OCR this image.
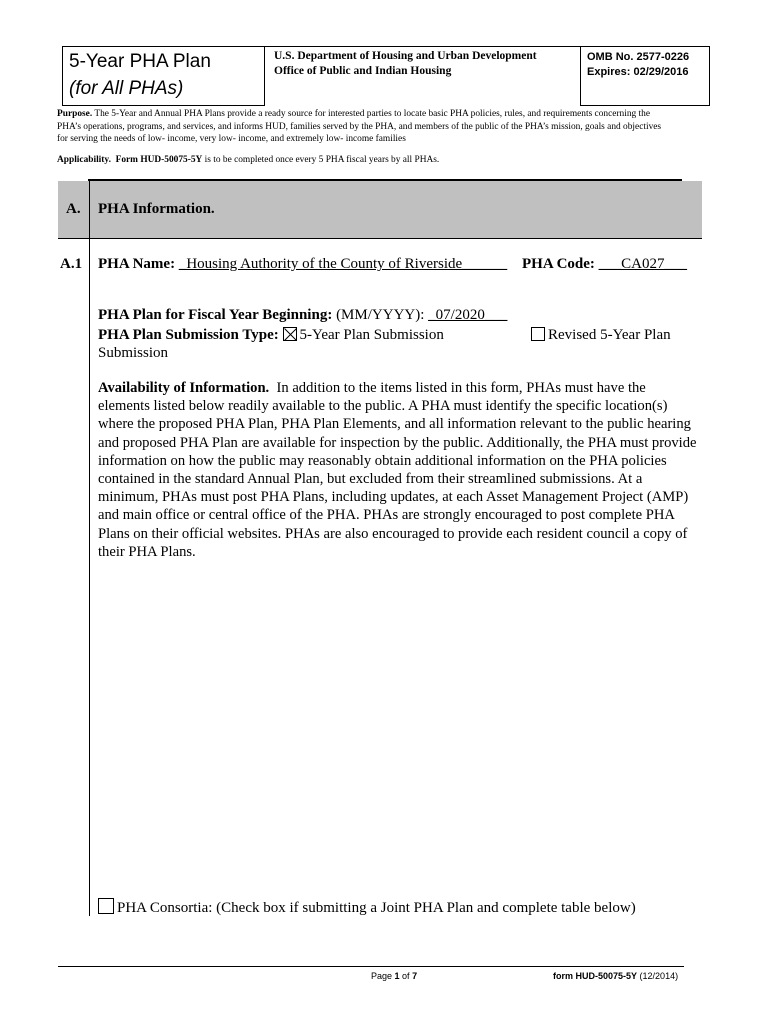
5-Year PHA Plan
(for All PHAs)
U.S. Department of Housing and Urban Development
Office of Public and Indian Housing
OMB No. 2577-0226
Expires: 02/29/2016
Purpose. The 5-Year and Annual PHA Plans provide a ready source for interested parties to locate basic PHA policies, rules, and requirements concerning the PHA’s operations, programs, and services, and informs HUD, families served by the PHA, and members of the public of the PHA’s mission, goals and objectives for serving the needs of low- income, very low- income, and extremely low- income families
Applicability. Form HUD-50075-5Y is to be completed once every 5 PHA fiscal years by all PHAs.
A. PHA Information.
A.1 PHA Name: _Housing Authority of the County of Riverside______ PHA Code: ___CA027___
PHA Plan for Fiscal Year Beginning: (MM/YYYY): _07/2020___
PHA Plan Submission Type: 5-Year Plan Submission	Revised 5-Year Plan
Submission
Availability of Information. In addition to the items listed in this form, PHAs must have the elements listed below readily available to the public. A PHA must identify the specific location(s) where the proposed PHA Plan, PHA Plan Elements, and all information relevant to the public hearing and proposed PHA Plan are available for inspection by the public. Additionally, the PHA must provide information on how the public may reasonably obtain additional information on the PHA policies contained in the standard Annual Plan, but excluded from their streamlined submissions. At a minimum, PHAs must post PHA Plans, including updates, at each Asset Management Project (AMP) and main office or central office of the PHA. PHAs are strongly encouraged to post complete PHA Plans on their official websites. PHAs are also encouraged to provide each resident council a copy of their PHA Plans.
PHA Consortia: (Check box if submitting a Joint PHA Plan and complete table below)
Page 1 of 7	form HUD-50075-5Y (12/2014)
